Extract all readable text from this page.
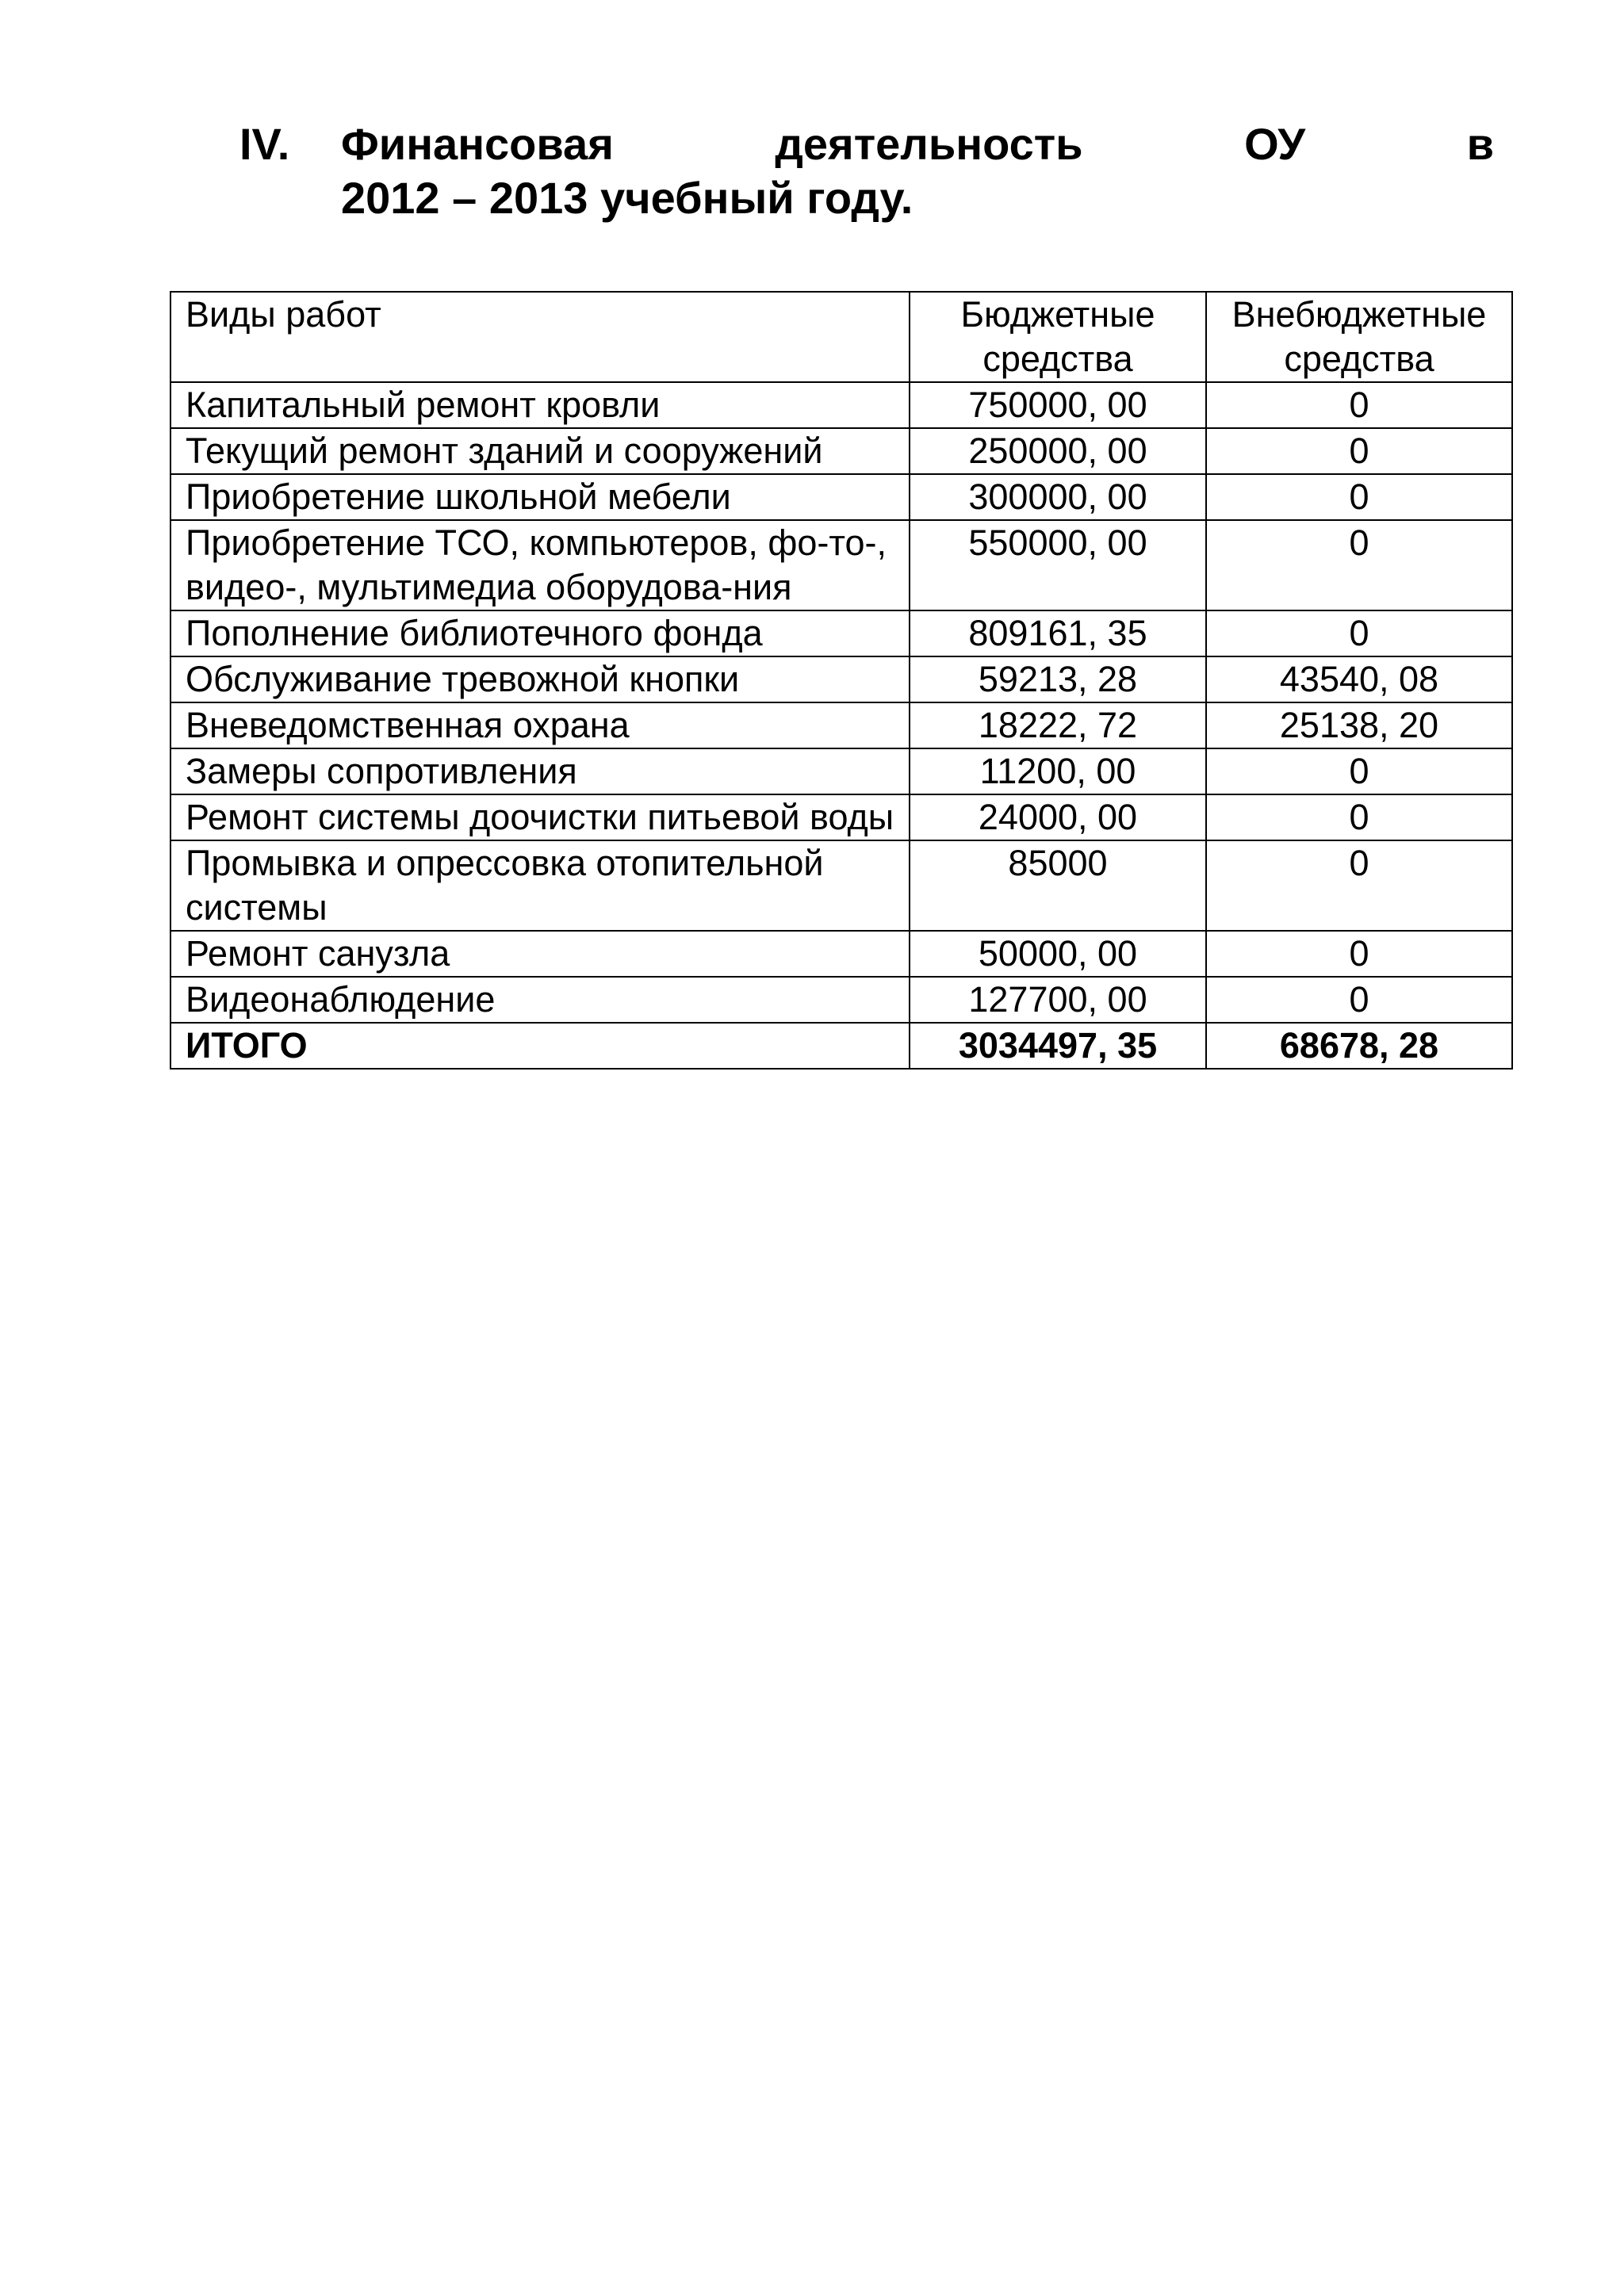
IV. Финансовая	деятельность	ОУ	в
2012 – 2013 учебный году.
Виды работ	Бюджетные средства	Внебюджетные средства
Капитальный ремонт кровли	750000, 00	0
Текущий ремонт зданий и сооружений	250000, 00	0
Приобретение школьной мебели	300000, 00	0
Приобретение ТСО, компьютеров, фо-то-, видео-, мультимедиа оборудова-ния	550000, 00	0
Пополнение библиотечного фонда	809161, 35	0
Обслуживание тревожной кнопки	59213, 28	43540, 08
Вневедомственная охрана	18222, 72	25138, 20
Замеры сопротивления	11200, 00	0
Ремонт системы доочистки питьевой воды	24000, 00	0
Промывка и опрессовка отопительной системы	85000	0
Ремонт санузла	50000, 00	0
Видеонаблюдение	127700, 00	0
ИТОГО	3034497, 35	68678, 28
